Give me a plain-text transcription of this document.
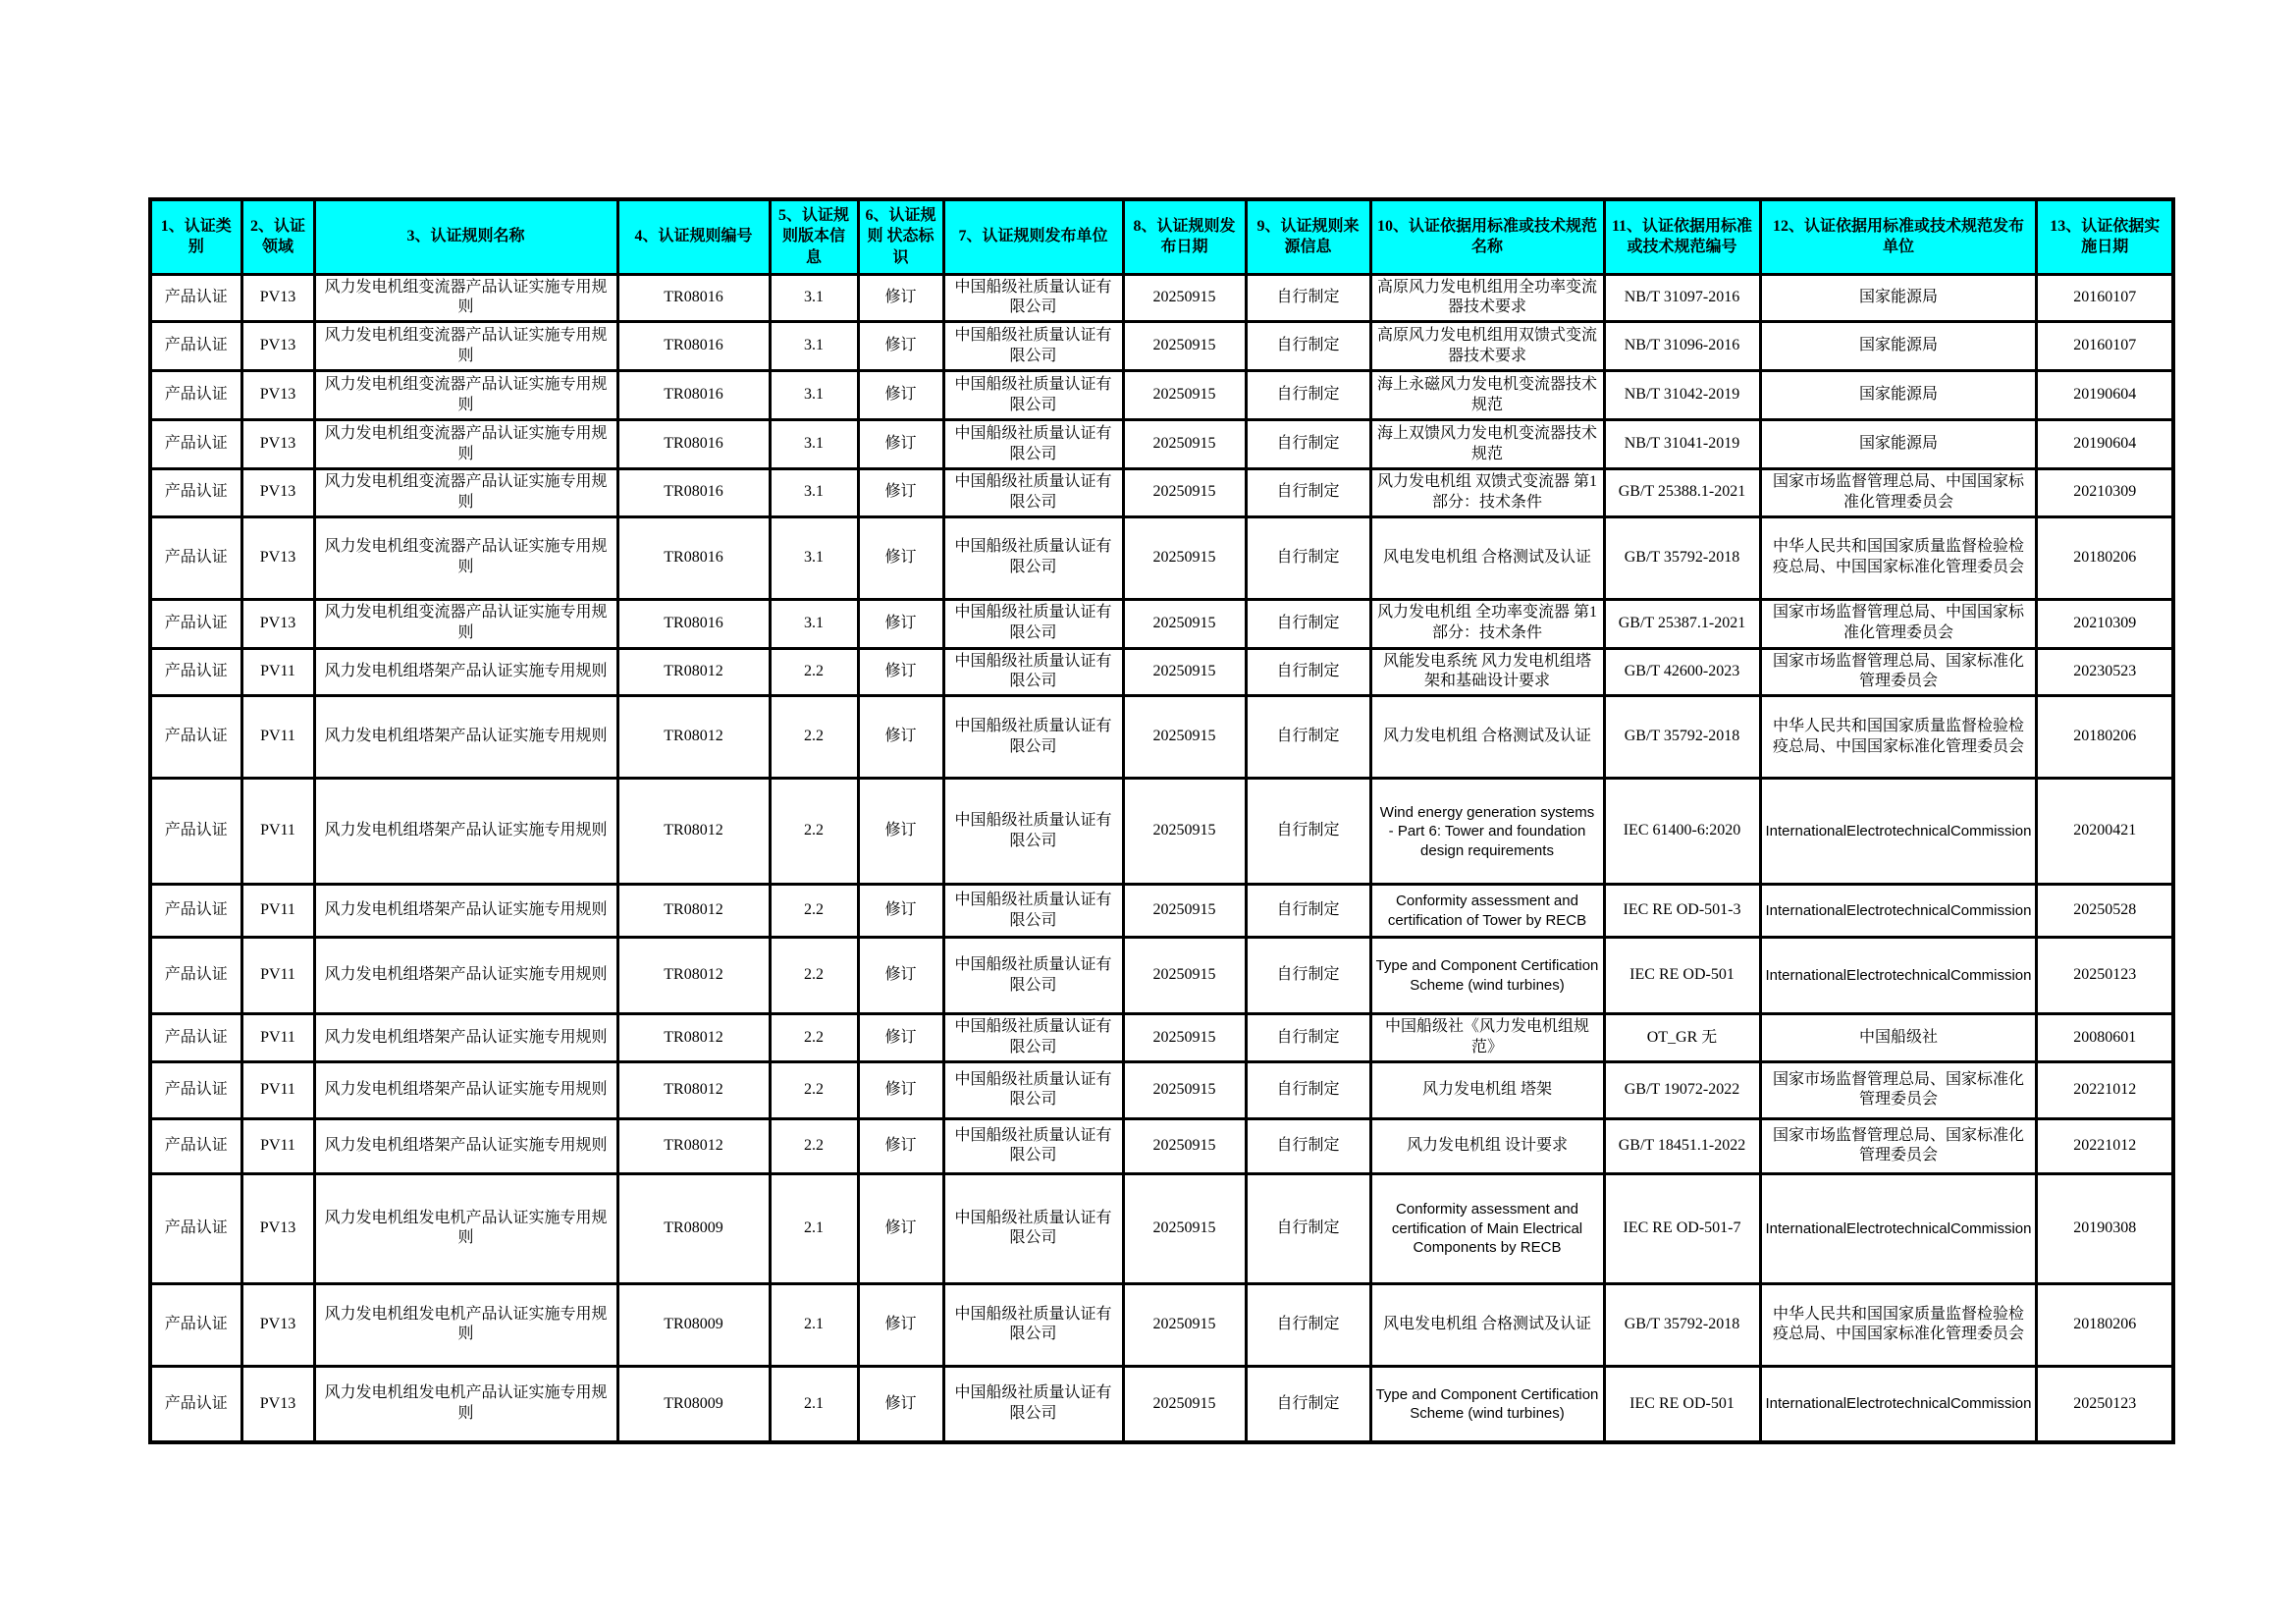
1、认证类别	2、认证领域	3、认证规则名称	4、认证规则编号	5、认证规则版本信息	6、认证规则 状态标识	7、认证规则发布单位	8、认证规则发布日期	9、认证规则来源信息	10、认证依据用标准或技术规范名称	11、认证依据用标准或技术规范编号	12、认证依据用标准或技术规范发布单位	13、认证依据实施日期
产品认证	PV13	风力发电机组变流器产品认证实施专用规则	TR08016	3.1	修订	中国船级社质量认证有限公司	20250915	自行制定	高原风力发电机组用全功率变流器技术要求	NB/T 31097-2016	国家能源局	20160107
产品认证	PV13	风力发电机组变流器产品认证实施专用规则	TR08016	3.1	修订	中国船级社质量认证有限公司	20250915	自行制定	高原风力发电机组用双馈式变流器技术要求	NB/T 31096-2016	国家能源局	20160107
产品认证	PV13	风力发电机组变流器产品认证实施专用规则	TR08016	3.1	修订	中国船级社质量认证有限公司	20250915	自行制定	海上永磁风力发电机变流器技术规范	NB/T 31042-2019	国家能源局	20190604
产品认证	PV13	风力发电机组变流器产品认证实施专用规则	TR08016	3.1	修订	中国船级社质量认证有限公司	20250915	自行制定	海上双馈风力发电机变流器技术规范	NB/T 31041-2019	国家能源局	20190604
产品认证	PV13	风力发电机组变流器产品认证实施专用规则	TR08016	3.1	修订	中国船级社质量认证有限公司	20250915	自行制定	风力发电机组 双馈式变流器 第1部分：技术条件	GB/T 25388.1-2021	国家市场监督管理总局、中国国家标准化管理委员会	20210309
产品认证	PV13	风力发电机组变流器产品认证实施专用规则	TR08016	3.1	修订	中国船级社质量认证有限公司	20250915	自行制定	风电发电机组 合格测试及认证	GB/T 35792-2018	中华人民共和国国家质量监督检验检疫总局、中国国家标准化管理委员会	20180206
产品认证	PV13	风力发电机组变流器产品认证实施专用规则	TR08016	3.1	修订	中国船级社质量认证有限公司	20250915	自行制定	风力发电机组 全功率变流器 第1部分：技术条件	GB/T 25387.1-2021	国家市场监督管理总局、中国国家标准化管理委员会	20210309
产品认证	PV11	风力发电机组塔架产品认证实施专用规则	TR08012	2.2	修订	中国船级社质量认证有限公司	20250915	自行制定	风能发电系统 风力发电机组塔架和基础设计要求	GB/T 42600-2023	国家市场监督管理总局、国家标准化管理委员会	20230523
产品认证	PV11	风力发电机组塔架产品认证实施专用规则	TR08012	2.2	修订	中国船级社质量认证有限公司	20250915	自行制定	风力发电机组 合格测试及认证	GB/T 35792-2018	中华人民共和国国家质量监督检验检疫总局、中国国家标准化管理委员会	20180206
产品认证	PV11	风力发电机组塔架产品认证实施专用规则	TR08012	2.2	修订	中国船级社质量认证有限公司	20250915	自行制定	Wind energy generation systems - Part 6: Tower and foundation design requirements	IEC 61400-6:2020	InternationalElectrotechnicalCommission	20200421
产品认证	PV11	风力发电机组塔架产品认证实施专用规则	TR08012	2.2	修订	中国船级社质量认证有限公司	20250915	自行制定	Conformity assessment and certification of Tower by RECB	IEC RE OD-501-3	InternationalElectrotechnicalCommission	20250528
产品认证	PV11	风力发电机组塔架产品认证实施专用规则	TR08012	2.2	修订	中国船级社质量认证有限公司	20250915	自行制定	Type and Component Certification Scheme (wind turbines)	IEC RE OD-501	InternationalElectrotechnicalCommission	20250123
产品认证	PV11	风力发电机组塔架产品认证实施专用规则	TR08012	2.2	修订	中国船级社质量认证有限公司	20250915	自行制定	中国船级社《风力发电机组规范》	OT_GR 无	中国船级社	20080601
产品认证	PV11	风力发电机组塔架产品认证实施专用规则	TR08012	2.2	修订	中国船级社质量认证有限公司	20250915	自行制定	风力发电机组 塔架	GB/T 19072-2022	国家市场监督管理总局、国家标准化管理委员会	20221012
产品认证	PV11	风力发电机组塔架产品认证实施专用规则	TR08012	2.2	修订	中国船级社质量认证有限公司	20250915	自行制定	风力发电机组 设计要求	GB/T 18451.1-2022	国家市场监督管理总局、国家标准化管理委员会	20221012
产品认证	PV13	风力发电机组发电机产品认证实施专用规则	TR08009	2.1	修订	中国船级社质量认证有限公司	20250915	自行制定	Conformity assessment and certification of Main Electrical Components by RECB	IEC RE OD-501-7	InternationalElectrotechnicalCommission	20190308
产品认证	PV13	风力发电机组发电机产品认证实施专用规则	TR08009	2.1	修订	中国船级社质量认证有限公司	20250915	自行制定	风电发电机组 合格测试及认证	GB/T 35792-2018	中华人民共和国国家质量监督检验检疫总局、中国国家标准化管理委员会	20180206
产品认证	PV13	风力发电机组发电机产品认证实施专用规则	TR08009	2.1	修订	中国船级社质量认证有限公司	20250915	自行制定	Type and Component Certification Scheme (wind turbines)	IEC RE OD-501	InternationalElectrotechnicalCommission	20250123
